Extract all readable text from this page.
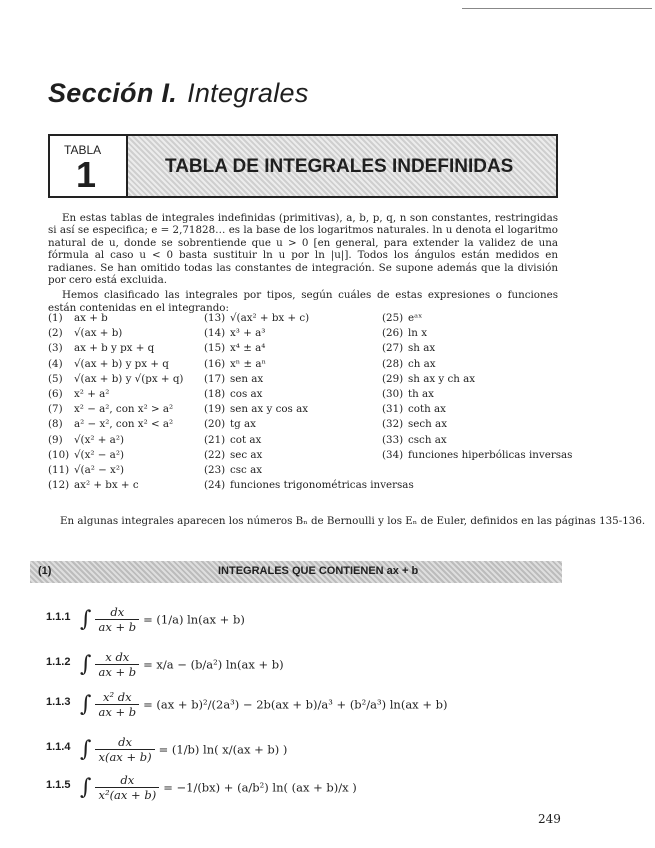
Sección I. Integrales
TABLA
1	TABLA DE INTEGRALES INDEFINIDAS

En estas tablas de integrales indefinidas (primitivas), a, b, p, q, n son constantes, restringidas si así se especifica; e = 2,71828… es la base de los logaritmos naturales. ln u denota el logaritmo natural de u, donde se sobrentiende que u > 0 [en general, para extender la validez de una fórmula al caso u < 0 basta sustituir ln u por ln |u|]. Todos los ángulos están medidos en radianes. Se han omitido todas las constantes de integración. Se supone además que la división por cero está excluida.

Hemos clasificado las integrales por tipos, según cuáles de estas expresiones o funciones están contenidas en el integrando:

(1) ax + b
(2) √(ax + b)
(3) ax + b y px + q
(4) √(ax + b) y px + q
(5) √(ax + b) y √(px + q)
(6) x² + a²
(7) x² − a², con x² > a²
(8) a² − x², con x² < a²
(9) √(x² + a²)
(10) √(x² − a²)
(11) √(a² − x²)
(12) ax² + bx + c
(13) √(ax² + bx + c)
(14) x³ + a³
(15) x⁴ ± a⁴
(16) xⁿ ± aⁿ
(17) sen ax
(18) cos ax
(19) sen ax y cos ax
(20) tg ax
(21) cot ax
(22) sec ax
(23) csc ax
(24) funciones trigonométricas inversas
(25) eᵃˣ
(26) ln x
(27) sh ax
(28) ch ax
(29) sh ax y ch ax
(30) th ax
(31) coth ax
(32) sech ax
(33) csch ax
(34) funciones hiperbólicas inversas
En algunas integrales aparecen los números Bₙ de Bernoulli y los Eₙ de Euler, definidos en las páginas 135-136.
(1)	INTEGRALES QUE CONTIENEN ax + b
1.1.1 ∫ $\frac{dx}{ax + b} = (1/a) \ln(ax + b)$
1.1.2 ∫ $\frac{\text{x dx}}{ax + b} = x/a - (b/a^2) \ln(ax + b)$
1.1.3 ∫ $\frac{\text{x² dx}}{ax + b} = (ax + b)^2/(2a^3) - 2b(ax + b)/a^3 + (b^2/a^3) \ln(ax + b)$
1.1.4 ∫ $\frac{dx}{x(ax + b)} = (1/b)$ ln( x/(ax + b) )
1.1.5 ∫ $\frac{dx}{\text{x²(ax + b)}} = -1/(bx) + (a/b^2)$ ln( (ax + b)/x )
249
